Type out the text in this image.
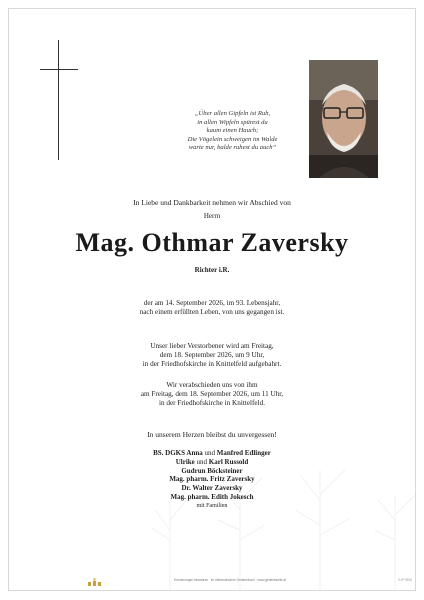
„Über allen Gipfeln ist Ruh,
in allen Wipfeln spürest du
kaum einen Hauch;
Die Vögelein schweigen im Walde
warte nur, balde ruhest du auch“
In Liebe und Dankbarkeit nehmen wir Abschied von
Herrn
Mag. Othmar Zaversky
Richter i.R.
der am 14. September 2026, im 93. Lebensjahr,
nach einem erfüllten Leben, von uns gegangen ist.
Unser lieber Verstorbener wird am Freitag,
dem 18. September 2026, um 9 Uhr,
in der Friedhofskirche in Knittelfeld aufgebahrt.
Wir verabschieden uns von ihm
am Freitag, dem 18. September 2026, um 11 Uhr,
in der Friedhofskirche in Knittelfeld.
In unserem Herzen bleibst du unvergessen!
BS. DGKS Anna und Manfred Edlinger
Ulrike und Karl Russold
Gudrun Böcksteiner
Mag. pharm. Fritz Zaversky
Dr. Walter Zaversky
Mag. pharm. Edith Jokesch
mit Familien
Erinnerungen bewahren · im elektronischen Gedenkbuch · www.gedenkseite.at	KJP 9930
